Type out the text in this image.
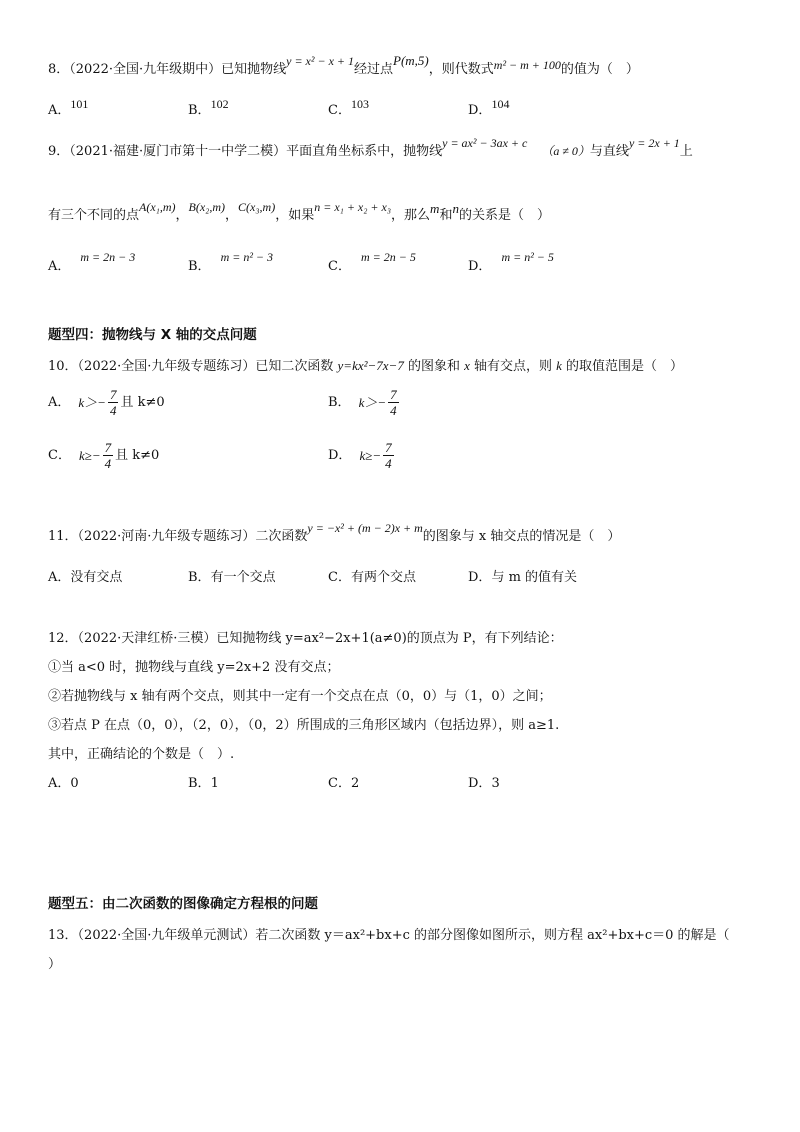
8．（2022·全国·九年级期中）已知抛物线y = x² − x + 1经过点P(m,5)，则代数式m² − m + 100的值为（　）
A．101	B．102	C．103	D．104
9．（2021·福建·厦门市第十一中学二模）平面直角坐标系中，抛物线y = ax² − 3ax + c（a ≠ 0）与直线y = 2x + 1上
有三个不同的点A(x₁,m)，B(x₂,m)，C(x₃,m)，如果n = x₁ + x₂ + x₃，那么m和n的关系是（　）
A．m = 2n − 3
B．m = n² − 3
C．m = 2n − 5
D．m = n² − 5
题型四：抛物线与 X 轴的交点问题
10．（2022·全国·九年级专题练习）已知二次函数 y=kx²−7x−7 的图象和 x 轴有交点，则 k 的取值范围是（　）
A． $k>- \frac{7}{4}$ 且 k≠0	B． $k>- \frac{7}{4}$
C． $k\ge- \frac{7}{4}$ 且 k≠0	D． $k\ge- \frac{7}{4}$
11．（2022·河南·九年级专题练习）二次函数y = −x² + (m − 2)x + m的图象与 x 轴交点的情况是（　）
A．没有交点	B．有一个交点	C．有两个交点	D．与 m 的值有关
12．（2022·天津红桥·三模）已知抛物线 y=ax²−2x+1(a≠0)的顶点为 P，有下列结论：
①当 a<0 时，抛物线与直线 y=2x+2 没有交点；
②若抛物线与 x 轴有两个交点，则其中一定有一个交点在点（0，0）与（1，0）之间；
③若点 P 在点（0，0），（2，0），（0，2）所围成的三角形区域内（包括边界），则 a≥1.
其中，正确结论的个数是（　）.
A．0	B．1	C．2	D．3
题型五：由二次函数的图像确定方程根的问题
13．（2022·全国·九年级单元测试）若二次函数 y＝ax²+bx+c 的部分图像如图所示，则方程 ax²+bx+c＝0 的解是（
）
